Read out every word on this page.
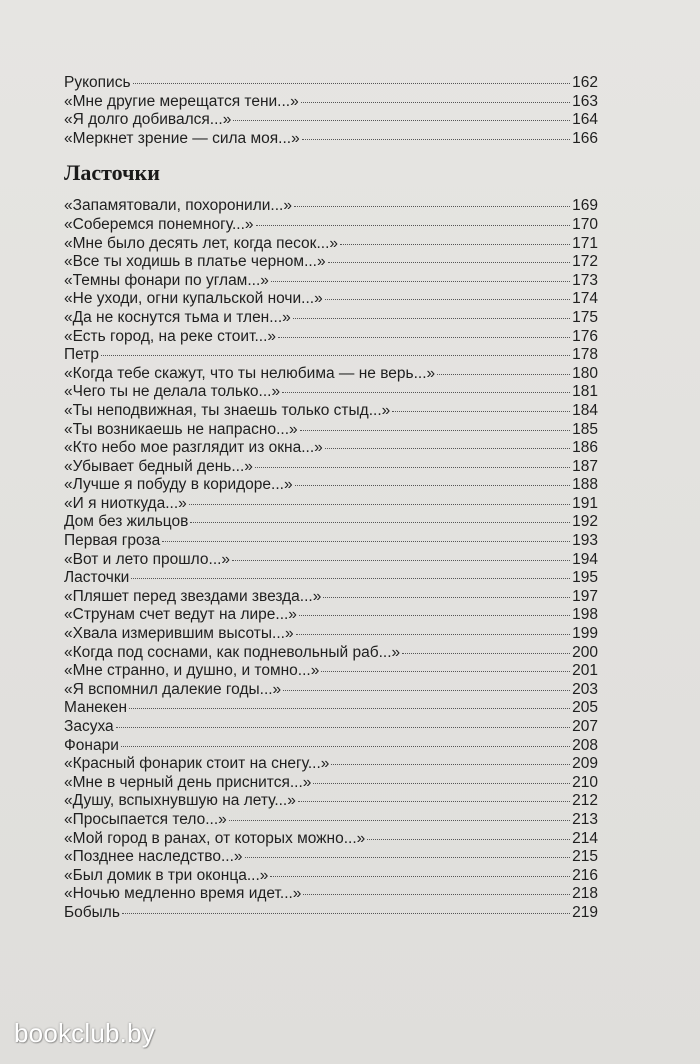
Рукопись	162
«Мне другие мерещатся тени...»	163
«Я долго добивался...»	164
«Меркнет зрение — сила моя...»	166
Ласточки
«Запамятовали, похоронили...»	169
«Соберемся понемногу...»	170
«Мне было десять лет, когда песок...»	171
«Все ты ходишь в платье черном...»	172
«Темны фонари по углам...»	173
«Не уходи, огни купальской ночи...»	174
«Да не коснутся тьма и тлен...»	175
«Есть город, на реке стоит...»	176
Петр	178
«Когда тебе скажут, что ты нелюбима — не верь...»	180
«Чего ты не делала только...»	181
«Ты неподвижная, ты знаешь только стыд...»	184
«Ты возникаешь не напрасно...»	185
«Кто небо мое разглядит из окна...»	186
«Убывает бедный день...»	187
«Лучше я побуду в коридоре...»	188
«И я ниоткуда...»	191
Дом без жильцов	192
Первая гроза	193
«Вот и лето прошло...»	194
Ласточки	195
«Пляшет перед звездами звезда...»	197
«Струнам счет ведут на лире...»	198
«Хвала измерившим высоты...»	199
«Когда под соснами, как подневольный раб...»	200
«Мне странно, и душно, и томно...»	201
«Я вспомнил далекие годы...»	203
Манекен	205
Засуха	207
Фонари	208
«Красный фонарик стоит на снегу...»	209
«Мне в черный день приснится...»	210
«Душу, вспыхнувшую на лету...»	212
«Просыпается тело...»	213
«Мой город в ранах, от которых можно...»	214
«Позднее наследство...»	215
«Был домик в три оконца...»	216
«Ночью медленно время идет...»	218
Бобыль	219
bookclub.by
